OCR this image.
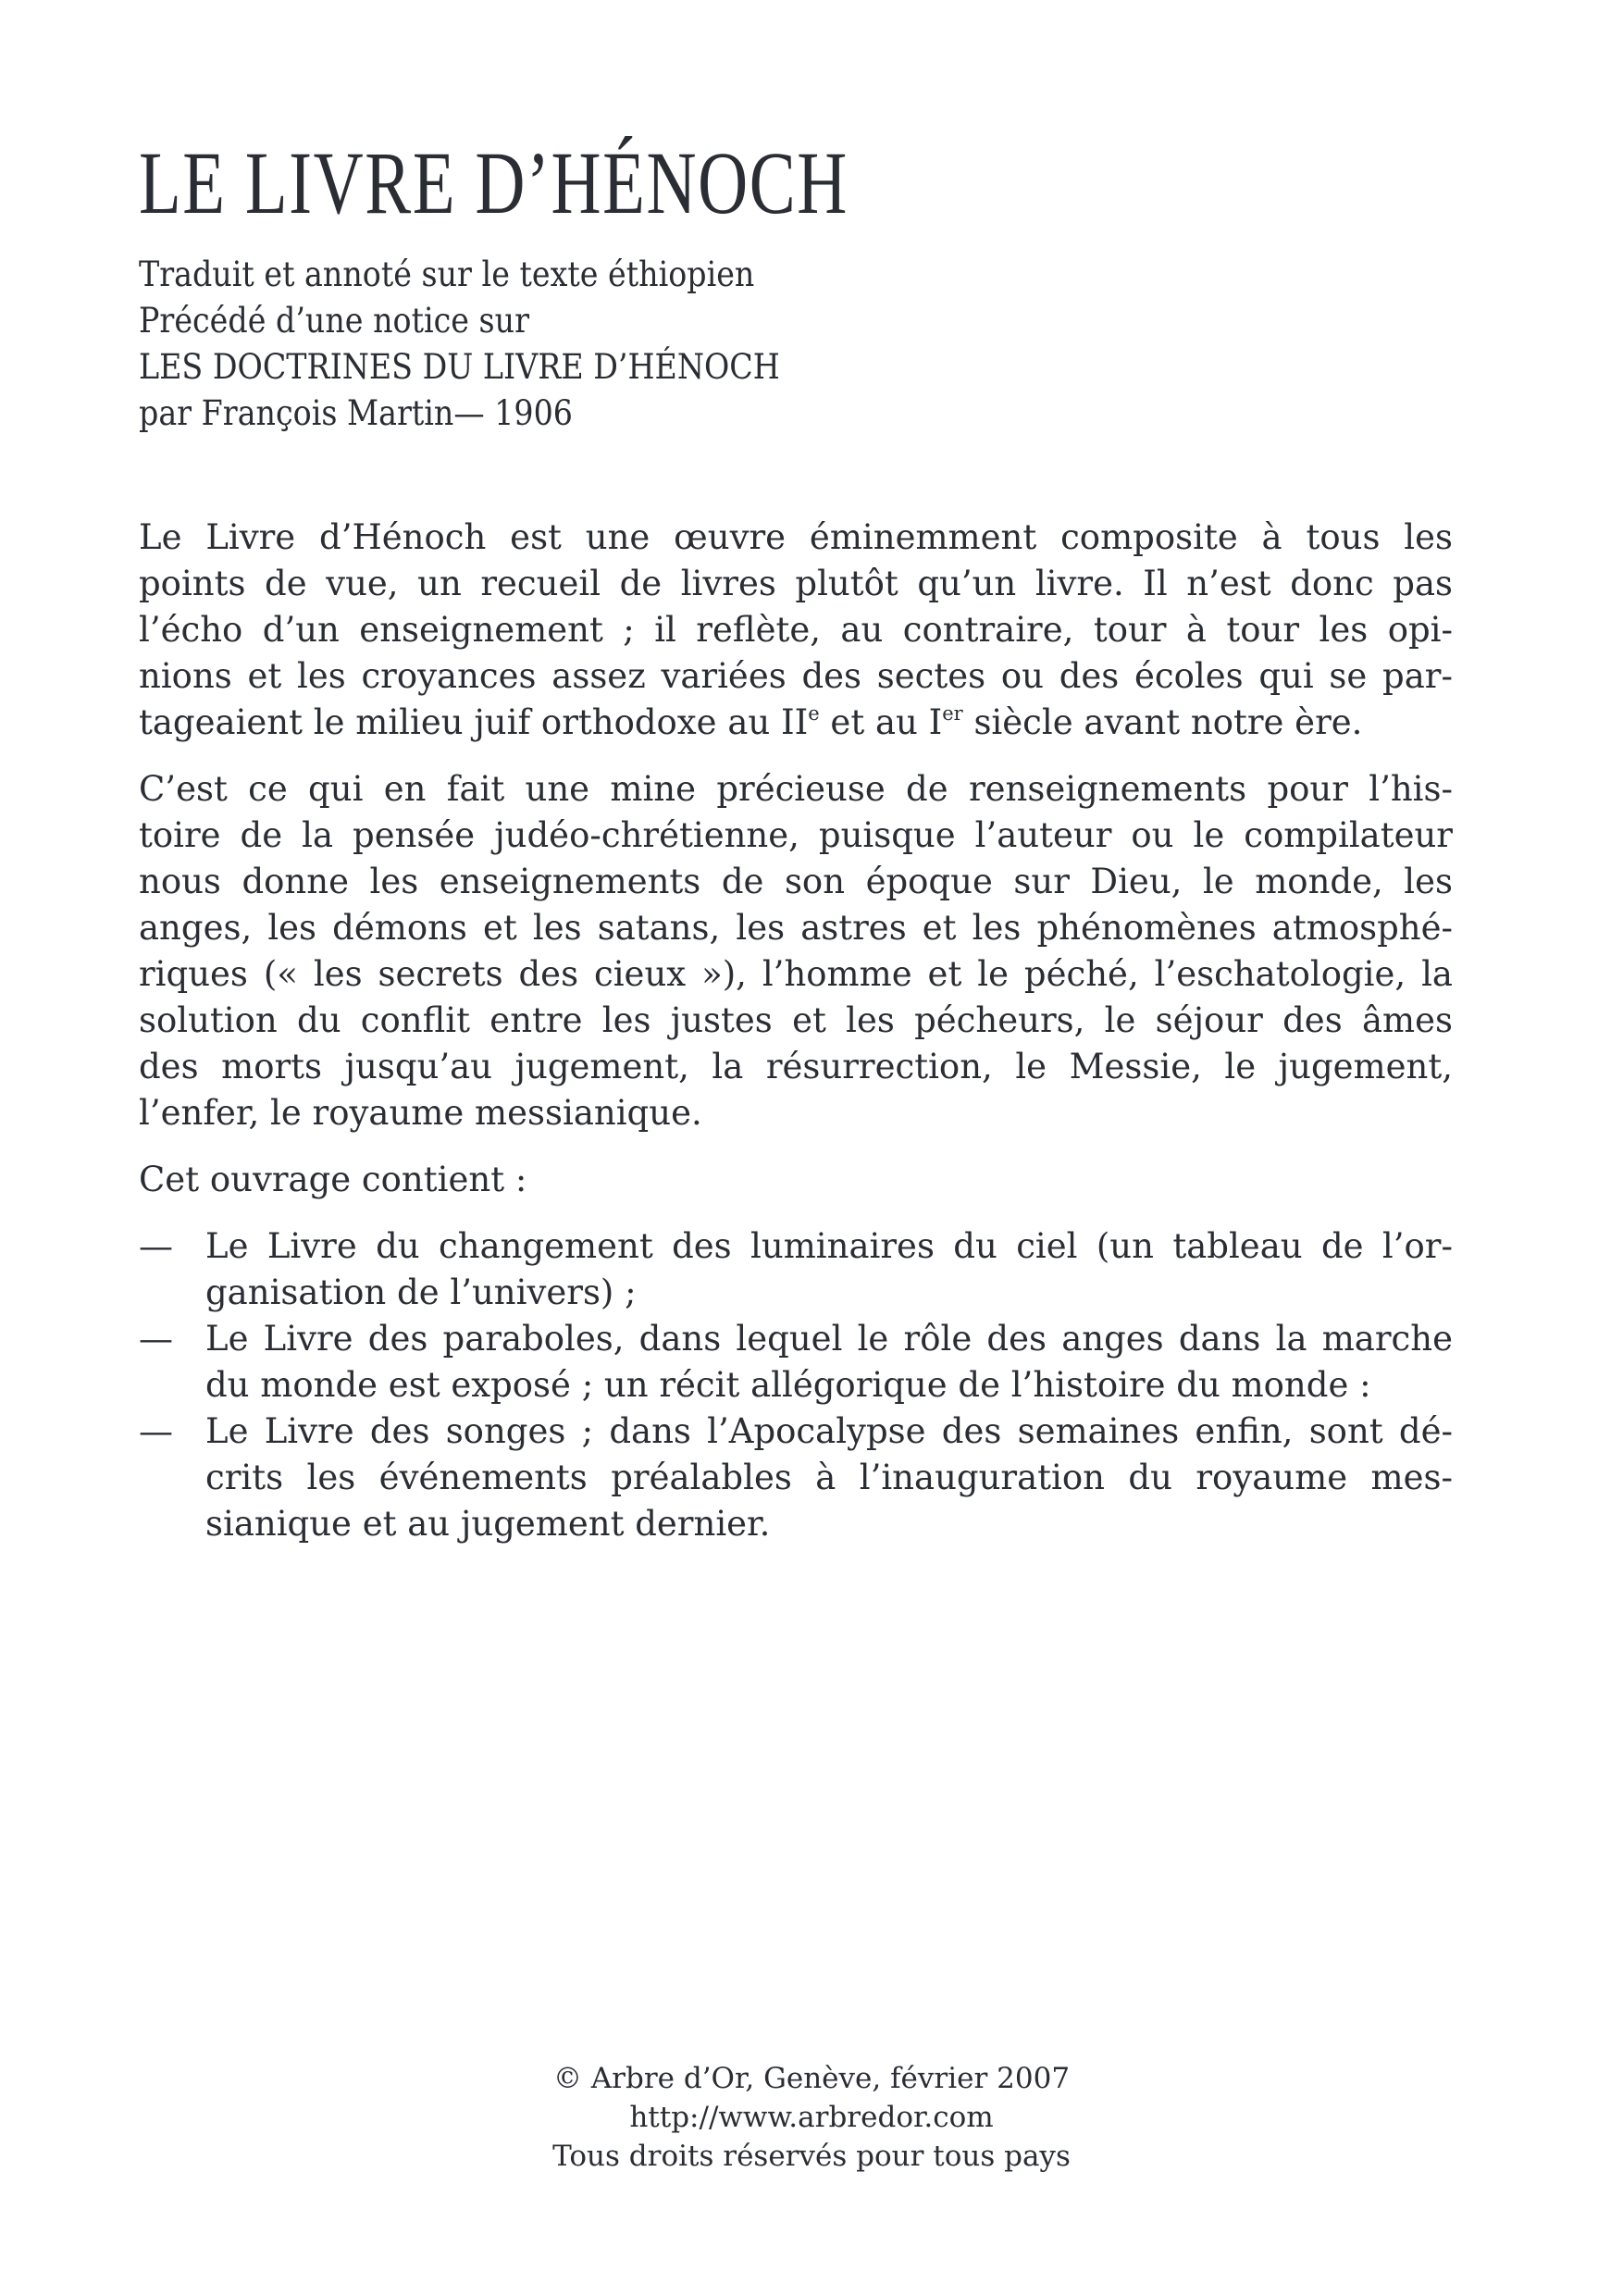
LE LIVRE D’HÉNOCH
Traduit et annoté sur le texte éthiopien
Précédé d’une notice sur
LES DOCTRINES DU LIVRE D’HÉNOCH
par François Martin— 1906

Le Livre d’Hénoch est une œuvre éminemment composite à tous les
points de vue, un recueil de livres plutôt qu’un livre. Il n’est donc pas
l’écho d’un enseignement ; il reflète, au contraire, tour à tour les opi-
nions et les croyances assez variées des sectes ou des écoles qui se par-
tageaient le milieu juif orthodoxe au IIe et au Ier siècle avant notre ère.

C’est ce qui en fait une mine précieuse de renseignements pour l’his-
toire de la pensée judéo-chrétienne, puisque l’auteur ou le compilateur
nous donne les enseignements de son époque sur Dieu, le monde, les
anges, les démons et les satans, les astres et les phénomènes atmosphé-
riques (« les secrets des cieux »), l’homme et le péché, l’eschatologie, la
solution du conflit entre les justes et les pécheurs, le séjour des âmes
des morts jusqu’au jugement, la résurrection, le Messie, le jugement,
l’enfer, le royaume messianique.

Cet ouvrage contient :

— Le Livre du changement des luminaires du ciel (un tableau de l’or-
ganisation de l’univers) ;
— Le Livre des paraboles, dans lequel le rôle des anges dans la marche
du monde est exposé ; un récit allégorique de l’histoire du monde :
— Le Livre des songes ; dans l’Apocalypse des semaines enfin, sont dé-
crits les événements préalables à l’inauguration du royaume mes-
sianique et au jugement dernier.
© Arbre d’Or, Genève, février 2007
http://www.arbredor.com
Tous droits réservés pour tous pays
